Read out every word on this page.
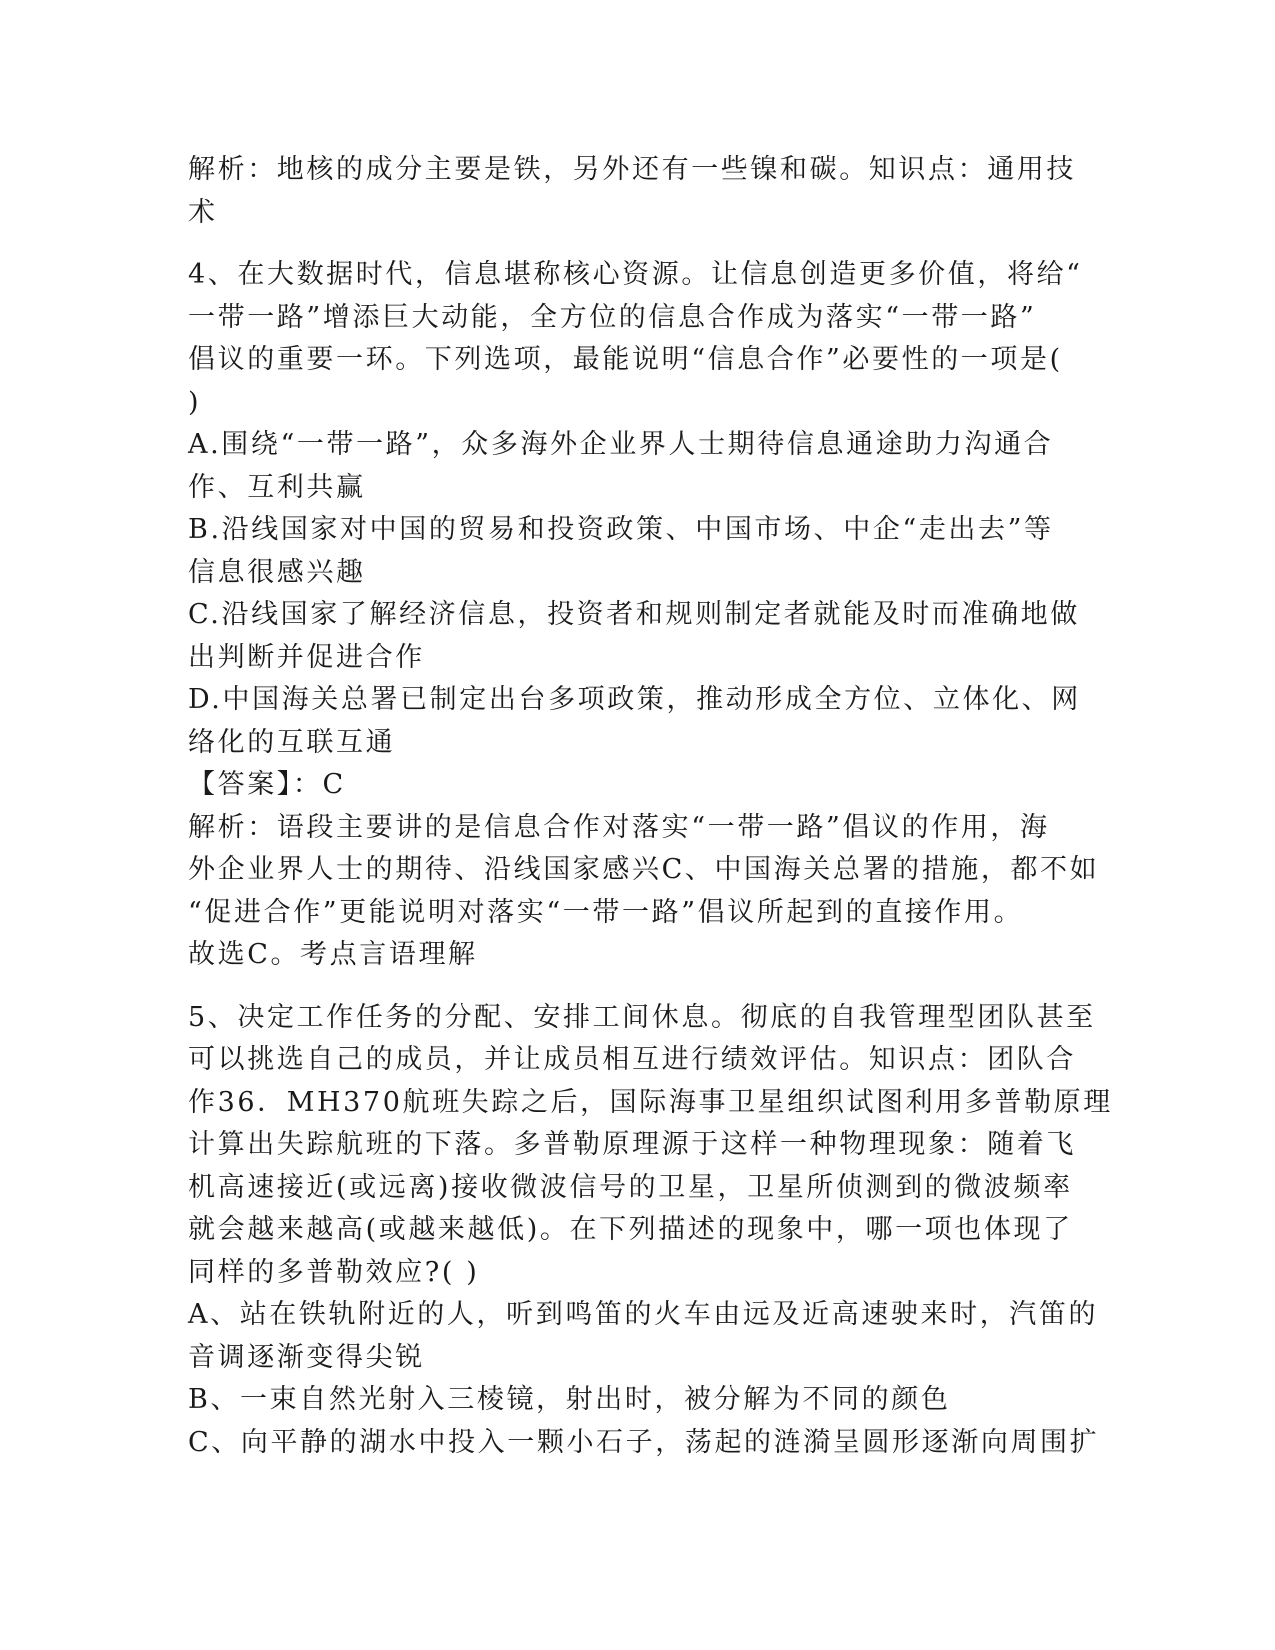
解析：地核的成分主要是铁，另外还有一些镍和碳。知识点：通用技
术
4、在大数据时代，信息堪称核心资源。让信息创造更多价值，将给“
一带一路”增添巨大动能，全方位的信息合作成为落实“一带一路”
倡议的重要一环。下列选项，最能说明“信息合作”必要性的一项是(
)
A.围绕“一带一路”，众多海外企业界人士期待信息通途助力沟通合
作、互利共赢
B.沿线国家对中国的贸易和投资政策、中国市场、中企“走出去”等
信息很感兴趣
C.沿线国家了解经济信息，投资者和规则制定者就能及时而准确地做
出判断并促进合作
D.中国海关总署已制定出台多项政策，推动形成全方位、立体化、网
络化的互联互通
【答案】：C
解析：语段主要讲的是信息合作对落实“一带一路”倡议的作用，海
外企业界人士的期待、沿线国家感兴C、中国海关总署的措施，都不如
“促进合作”更能说明对落实“一带一路”倡议所起到的直接作用。
故选C。考点言语理解
5、决定工作任务的分配、安排工间休息。彻底的自我管理型团队甚至
可以挑选自己的成员，并让成员相互进行绩效评估。知识点：团队合
作36．MH370航班失踪之后，国际海事卫星组织试图利用多普勒原理
计算出失踪航班的下落。多普勒原理源于这样一种物理现象：随着飞
机高速接近(或远离)接收微波信号的卫星，卫星所侦测到的微波频率
就会越来越高(或越来越低)。在下列描述的现象中，哪一项也体现了
同样的多普勒效应?( )
A、站在铁轨附近的人，听到鸣笛的火车由远及近高速驶来时，汽笛的
音调逐渐变得尖锐
B、一束自然光射入三棱镜，射出时，被分解为不同的颜色
C、向平静的湖水中投入一颗小石子，荡起的涟漪呈圆形逐渐向周围扩
